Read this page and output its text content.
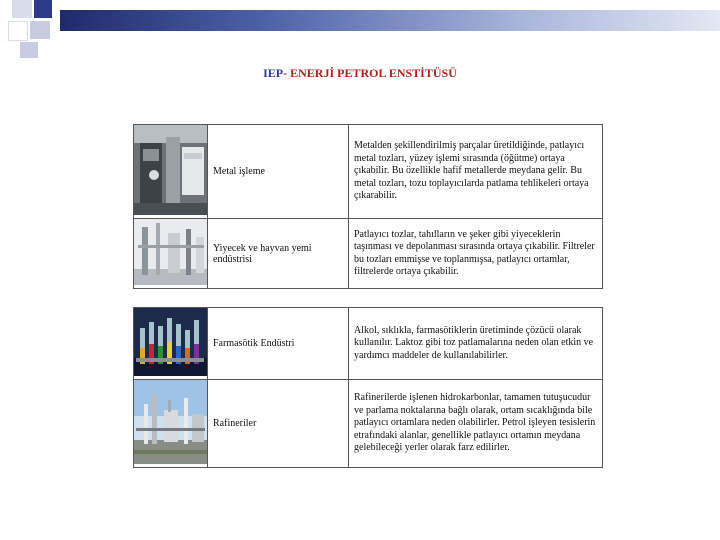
IEP- ENERJİ PETROL ENSTİTÜSÜ
	Metal işleme	Metalden şekillendirilmiş parçalar üretildiğinde, patlayıcı metal tozları, yüzey işlemi sırasında (öğütme) ortaya çıkabilir. Bu özellikle hafif metallerde meydana gelir. Bu metal tozları, tozu toplayıcılarda patlama tehlikeleri ortaya çıkarabilir.
	Yiyecek ve hayvan yemi endüstrisi	Patlayıcı tozlar, tahılların ve şeker gibi yiyeceklerin taşınması ve depolanması sırasında ortaya çıkabilir. Filtreler bu tozları emmişse ve toplanmışsa, patlayıcı ortamlar, filtrelerde ortaya çıkabilir.
	Farmasötik Endüstri	Alkol, sıklıkla, farmasötiklerin üretiminde çözücü olarak kullanılır. Laktoz gibi toz patlamalarına neden olan etkin ve yardımcı maddeler de kullanılabilirler.
	Rafineriler	Rafinerilerde işlenen hidrokarbonlar, tamamen tutuşucudur ve parlama noktalarına bağlı olarak, ortam sıcaklığında bile patlayıcı ortamlara neden olabilirler. Petrol işleyen tesislerin etrafındaki alanlar, genellikle patlayıcı ortamın meydana gelebileceği yerler olarak farz edilirler.
